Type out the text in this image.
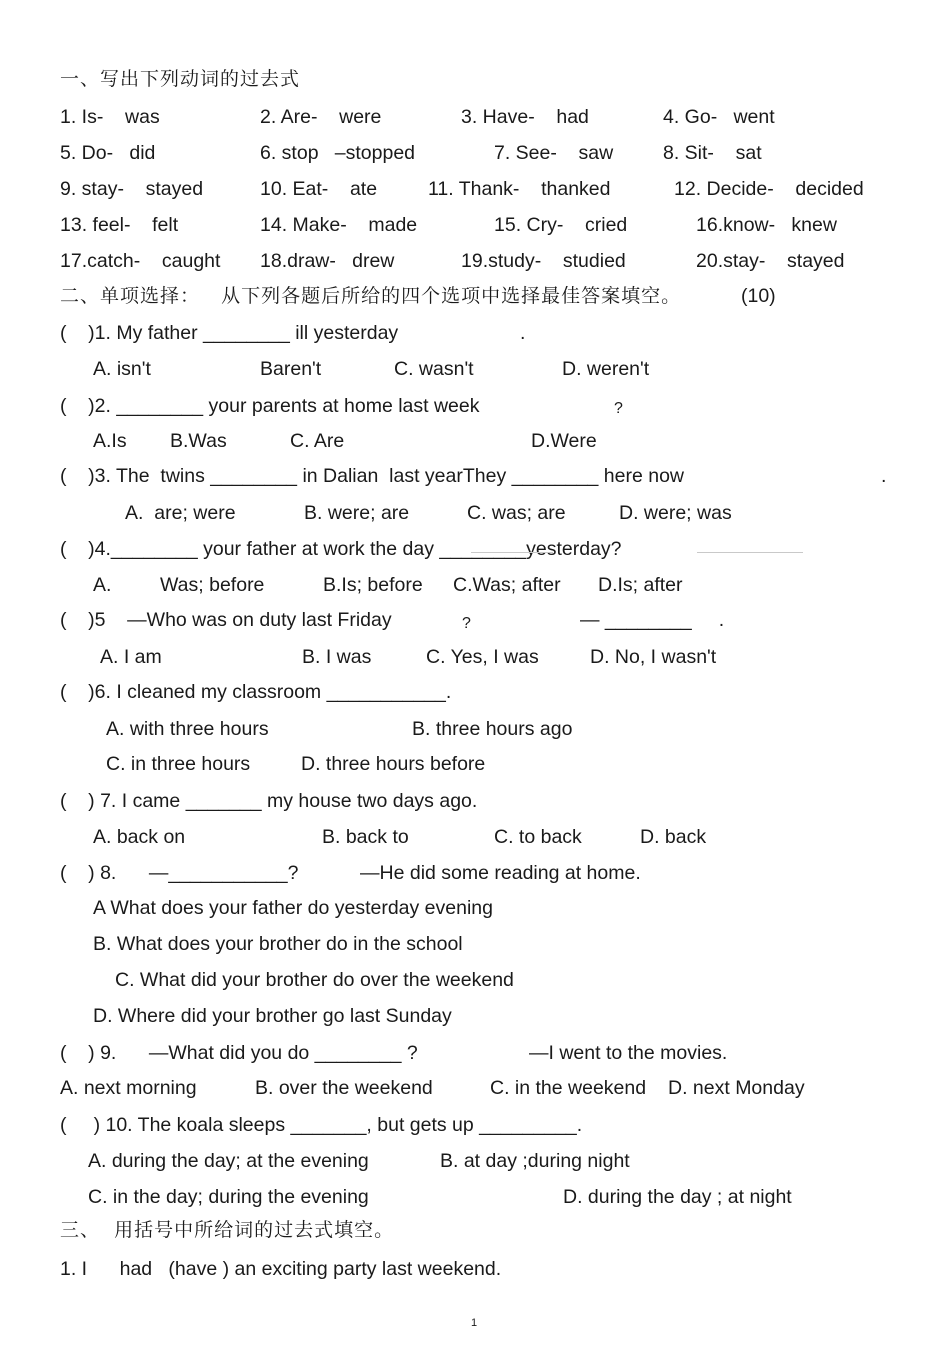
一、写出下列动词的过去式
1. Is-    was	2. Are-    were	3. Have-    had	4. Go-   went
5. Do-   did	6. stop   –stopped	7. See-    saw	8. Sit-    sat
9. stay-    stayed	10. Eat-    ate	11. Thank-    thanked	12. Decide-    decided
13. feel-    felt	14. Make-    made	15. Cry-    cried	16.know-   knew
17.catch-    caught 18.draw-   drew	19.study-    studied	20.stay-    stayed
二、单项选择：   从下列各题后所给的四个选项中选择最佳答案填空。	(10)
(    )1. My father ________ ill yesterday	.
A. isn't	Baren't	C. wasn't	D. weren't
(    )2. ________ your parents at home last week	?
A.Is B.Was	C. Are	D.Were
(    )3. The  twins ________ in Dalian  last yearThey ________ here now	.
A.  are; were	B. were; are	C. was; are	D. were; was
(    )4.________ your father at work the day ________yesterday?
A. Was; before	B.Is; before C.Was; after D.Is; after
(    )5    —Who was on duty last Friday	?	— ________     .
A. I am	B. I was	C. Yes, I was	D. No, I wasn't
(    )6. I cleaned my classroom ___________.
A. with three hours	B. three hours ago
C. in three hours	D. three hours before
(    ) 7. I came _______ my house two days ago.
A. back on	B. back to	C. to back	D. back
(    ) 8.      —___________?	—He did some reading at home.
A What does your father do yesterday evening
B. What does your brother do in the school
C. What did your brother do over the weekend
D. Where did your brother go last Sunday
(    ) 9.      —What did you do ________ ?	—I went to the movies.
A. next morning	B. over the weekend	C. in the weekend D. next Monday
(     ) 10. The koala sleeps _______, but gets up _________.
A. during the day; at the evening	B. at day ;during night
C. in the day; during the evening	D. during the day ; at night
三、  用括号中所给词的过去式填空。
1. I      had   (have ) an exciting party last weekend.
1
